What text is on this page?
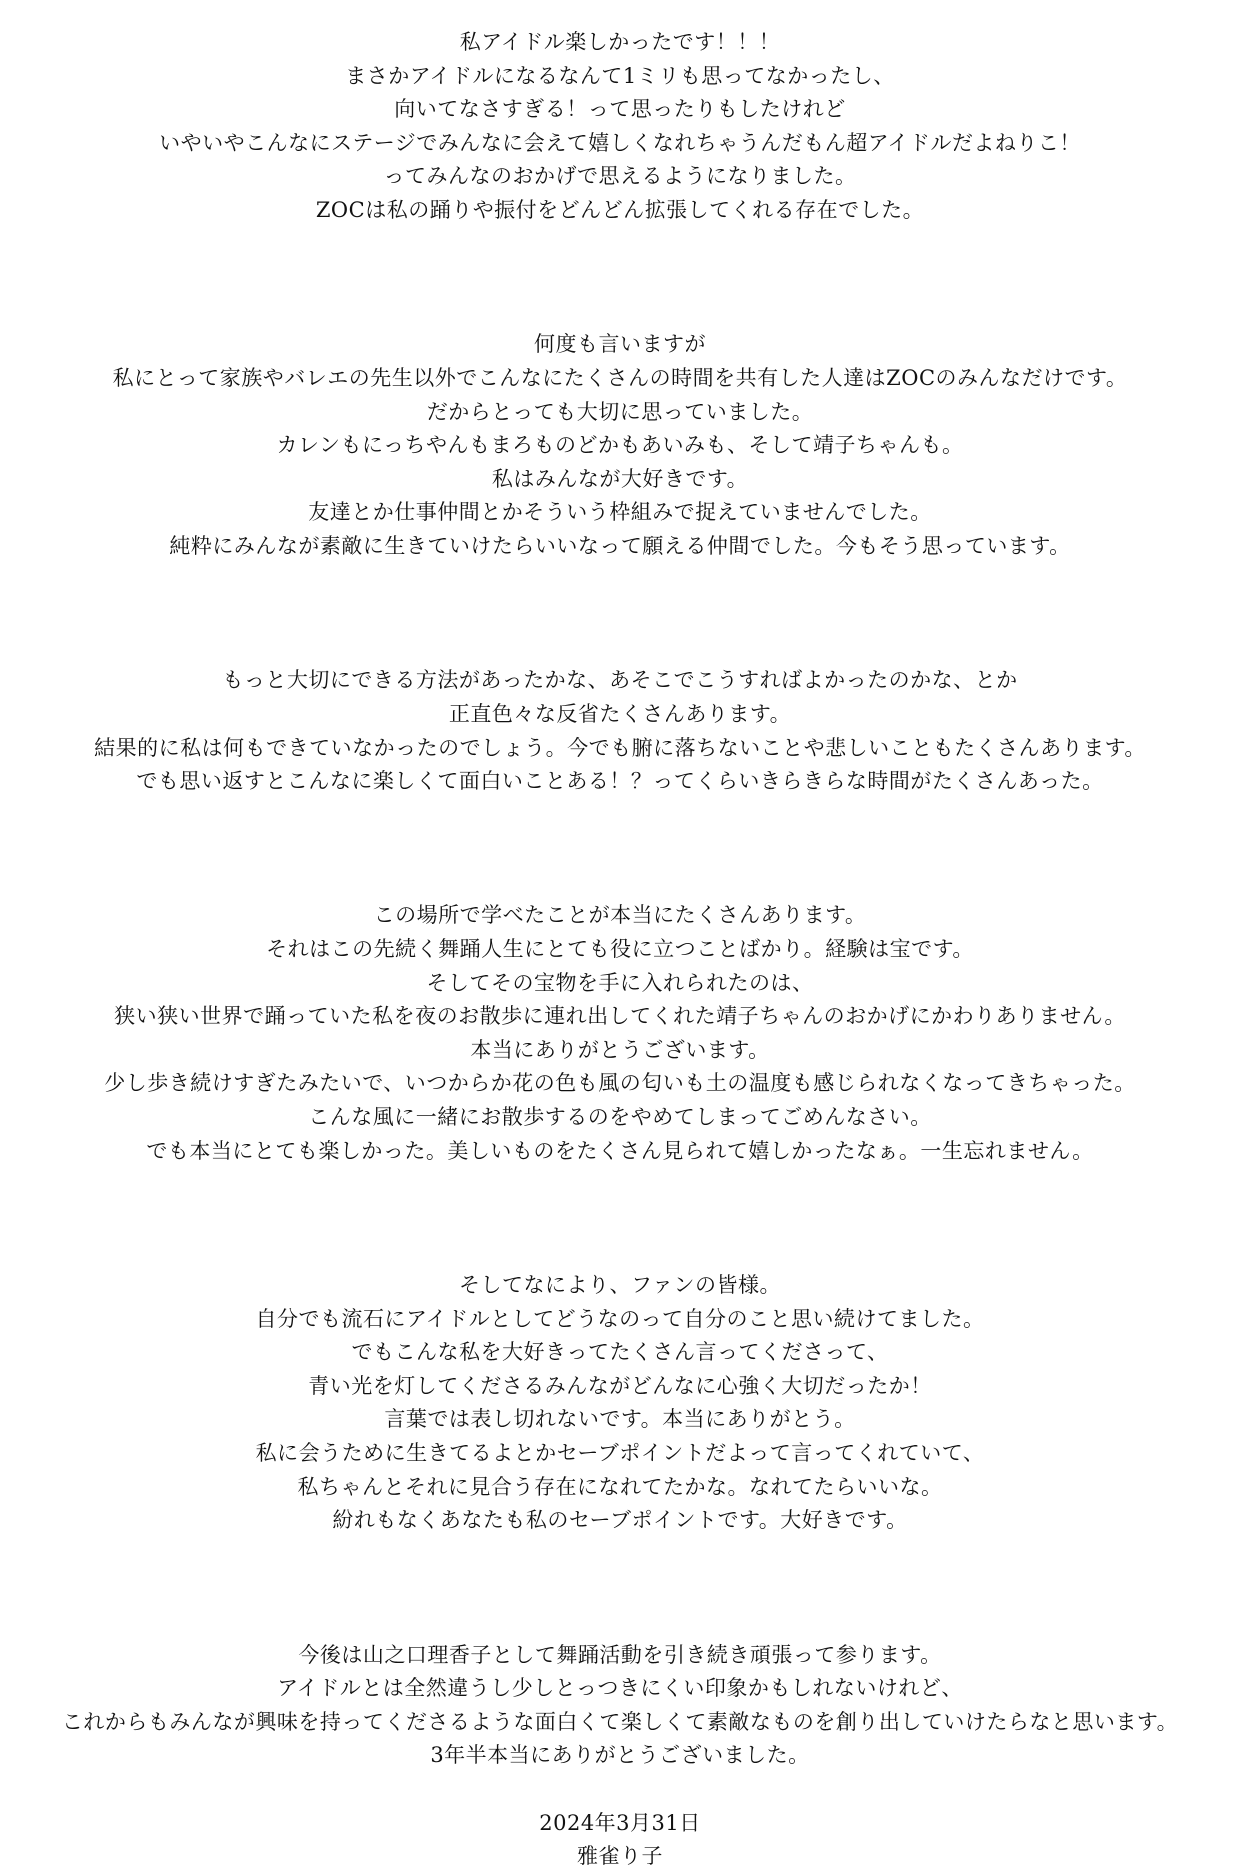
私アイドル楽しかったです！！！
まさかアイドルになるなんて1ミリも思ってなかったし、
向いてなさすぎる！って思ったりもしたけれど
いやいやこんなにステージでみんなに会えて嬉しくなれちゃうんだもん超アイドルだよねりこ！
ってみんなのおかげで思えるようになりました。
ZOCは私の踊りや振付をどんどん拡張してくれる存在でした。
何度も言いますが
私にとって家族やバレエの先生以外でこんなにたくさんの時間を共有した人達はZOCのみんなだけです。
だからとっても大切に思っていました。
カレンもにっちやんもまろものどかもあいみも、そして靖子ちゃんも。
私はみんなが大好きです。
友達とか仕事仲間とかそういう枠組みで捉えていませんでした。
純粋にみんなが素敵に生きていけたらいいなって願える仲間でした。今もそう思っています。
もっと大切にできる方法があったかな、あそこでこうすればよかったのかな、とか
正直色々な反省たくさんあります。
結果的に私は何もできていなかったのでしょう。今でも腑に落ちないことや悲しいこともたくさんあります。
でも思い返すとこんなに楽しくて面白いことある！？ってくらいきらきらな時間がたくさんあった。
この場所で学べたことが本当にたくさんあります。
それはこの先続く舞踊人生にとても役に立つことばかり。経験は宝です。
そしてその宝物を手に入れられたのは、
狭い狭い世界で踊っていた私を夜のお散歩に連れ出してくれた靖子ちゃんのおかげにかわりありません。
本当にありがとうございます。
少し歩き続けすぎたみたいで、いつからか花の色も風の匂いも土の温度も感じられなくなってきちゃった。
こんな風に一緒にお散歩するのをやめてしまってごめんなさい。
でも本当にとても楽しかった。美しいものをたくさん見られて嬉しかったなぁ。一生忘れません。
そしてなにより、ファンの皆様。
自分でも流石にアイドルとしてどうなのって自分のこと思い続けてました。
でもこんな私を大好きってたくさん言ってくださって、
青い光を灯してくださるみんながどんなに心強く大切だったか！
言葉では表し切れないです。本当にありがとう。
私に会うために生きてるよとかセーブポイントだよって言ってくれていて、
私ちゃんとそれに見合う存在になれてたかな。なれてたらいいな。
紛れもなくあなたも私のセーブポイントです。大好きです。
今後は山之口理香子として舞踊活動を引き続き頑張って参ります。
アイドルとは全然違うし少しとっつきにくい印象かもしれないけれど、
これからもみんなが興味を持ってくださるような面白くて楽しくて素敵なものを創り出していけたらなと思います。
3年半本当にありがとうございました。
2024年3月31日
雅雀り子
